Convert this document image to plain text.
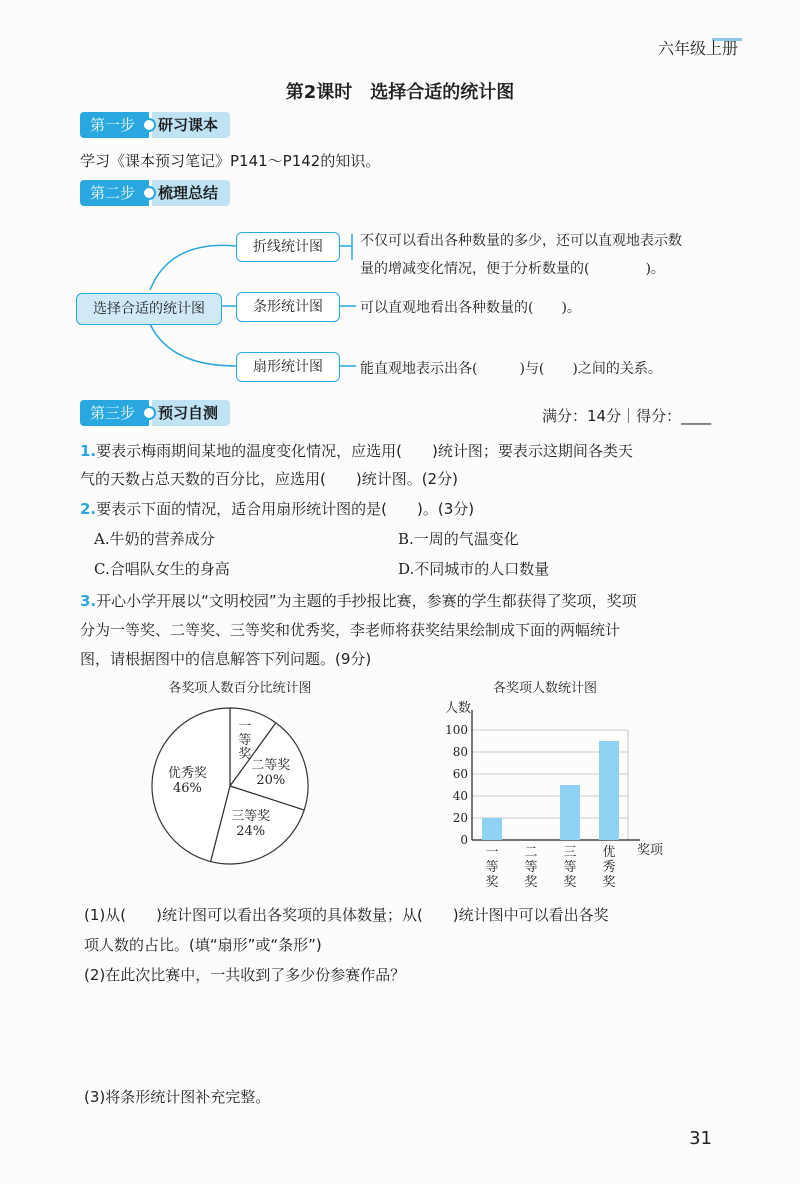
六年级上册
第2课时　选择合适的统计图
第一步	研习课本
学习《课本预习笔记》P141～P142的知识。
第二步	梳理总结
选择合适的统计图
折线统计图
条形统计图
扇形统计图
不仅可以看出各种数量的多少，还可以直观地表示数
量的增减变化情况，便于分析数量的(　　　　)。
可以直观地看出各种数量的(　　)。
能直观地表示出各(　　　)与(　　)之间的关系。
第三步	预习自测	满分：14分｜得分：____
1.要表示梅雨期间某地的温度变化情况，应选用(　　)统计图；要表示这期间各类天
气的天数占总天数的百分比，应选用(　　)统计图。(2分)
2.要表示下面的情况，适合用扇形统计图的是(　　)。(3分)
A.牛奶的营养成分	B.一周的气温变化
C.合唱队女生的身高	D.不同城市的人口数量
3.开心小学开展以“文明校园”为主题的手抄报比赛，参赛的学生都获得了奖项，奖项
分为一等奖、二等奖、三等奖和优秀奖，李老师将获奖结果绘制成下面的两幅统计
图，请根据图中的信息解答下列问题。(9分)
各奖项人数百分比统计图
一等奖
二等奖 20%
三等奖 24%
优秀奖 46%
各奖项人数统计图
人数
0
20
40
60
80
100
奖项
一等奖
二等奖
三等奖
优秀奖
(1)从(　　)统计图可以看出各奖项的具体数量；从(　　)统计图中可以看出各奖
项人数的占比。(填“扇形”或“条形”)
(2)在此次比赛中，一共收到了多少份参赛作品？
(3)将条形统计图补充完整。
31
